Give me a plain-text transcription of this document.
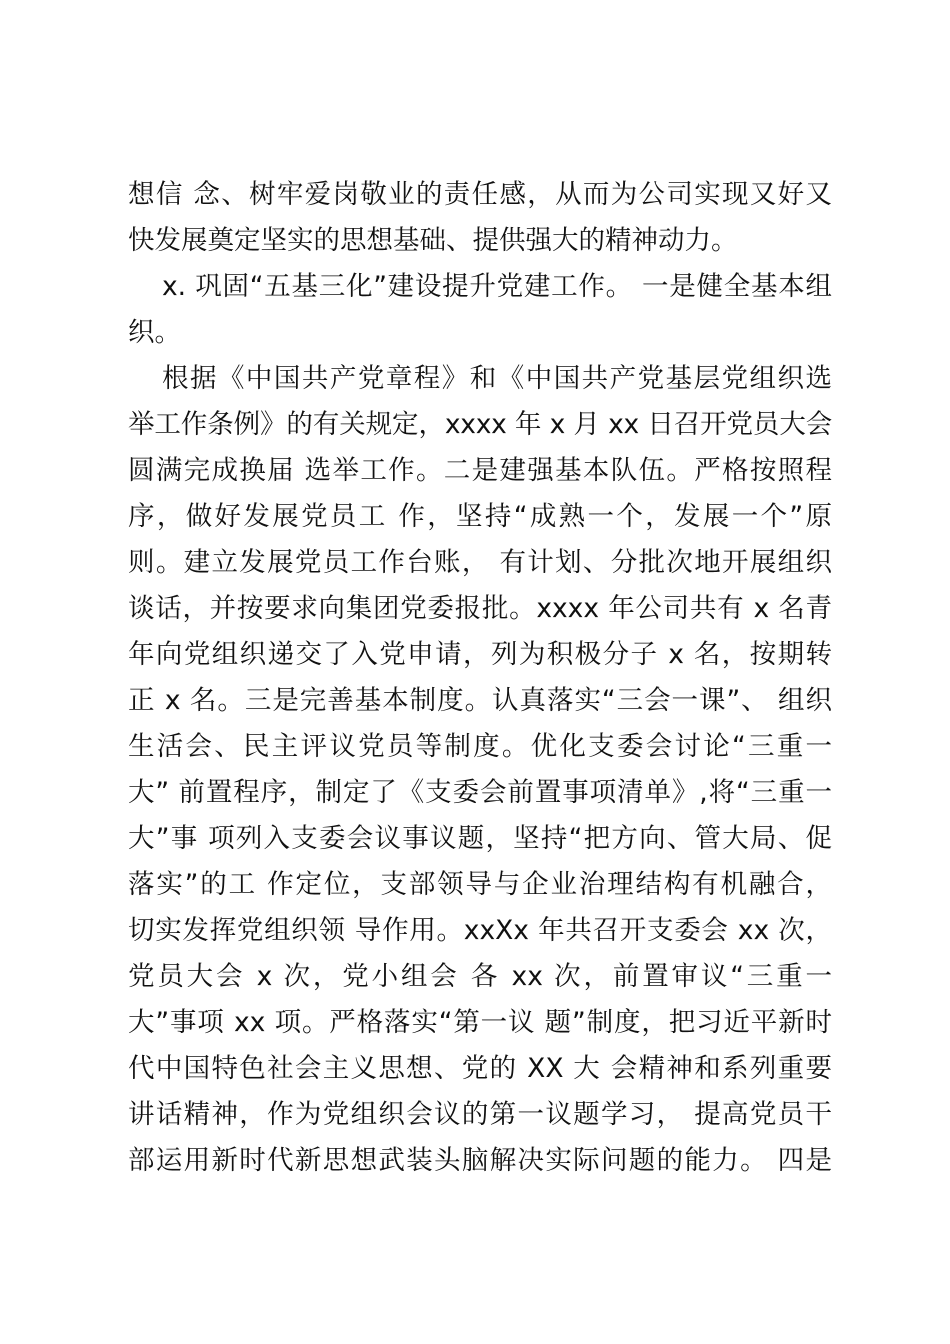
想信 念、树牢爱岗敬业的责任感，从而为公司实现又好又
快发展奠定坚实的思想基础、提供强大的精神动力。
x. 巩固“五基三化”建设提升党建工作。 一是健全基本组
织。
根据《中国共产党章程》和《中国共产党基层党组织选
举工作条例》的有关规定，xxxx 年 x 月 xx 日召开党员大会
圆满完成换届 选举工作。二是建强基本队伍。严格按照程
序，做好发展党员工 作，坚持“成熟一个，发展一个”原
则。建立发展党员工作台账， 有计划、分批次地开展组织
谈话，并按要求向集团党委报批。xxxx 年公司共有 x 名青
年向党组织递交了入党申请，列为积极分子 x 名，按期转
正 x 名。三是完善基本制度。认真落实“三会一课”、 组织
生活会、民主评议党员等制度。优化支委会讨论“三重一
大” 前置程序，制定了《支委会前置事项清单》,将“三重一
大”事 项列入支委会议事议题，坚持“把方向、管大局、促
落实”的工 作定位，支部领导与企业治理结构有机融合，
切实发挥党组织领 导作用。xxXx 年共召开支委会 xx 次，
党员大会 x 次，党小组会 各 xx 次，前置审议“三重一
大”事项 xx 项。严格落实“第一议 题”制度，把习近平新时
代中国特色社会主义思想、党的 XX 大 会精神和系列重要
讲话精神，作为党组织会议的第一议题学习， 提高党员干
部运用新时代新思想武装头脑解决实际问题的能力。 四是
